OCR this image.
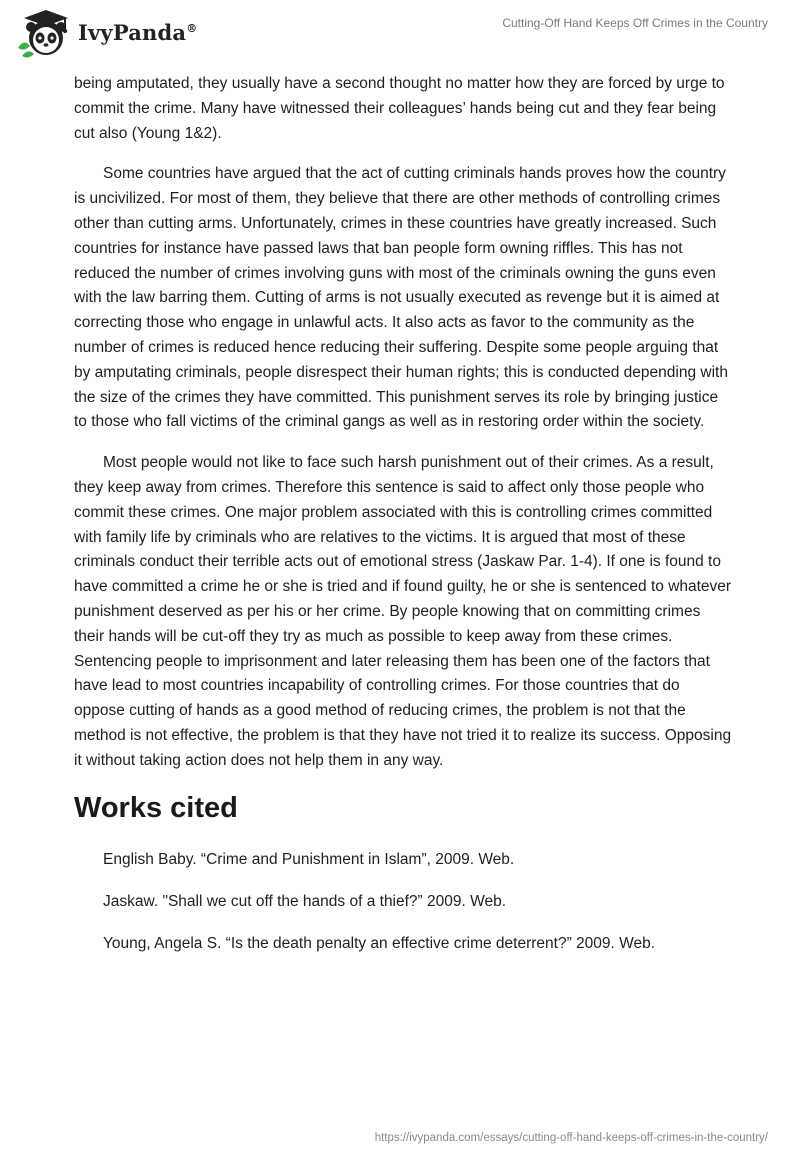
IvyPanda®	Cutting-Off Hand Keeps Off Crimes in the Country

being amputated, they usually have a second thought no matter how they are forced by urge to commit the crime. Many have witnessed their colleagues’ hands being cut and they fear being cut also (Young 1&2).

Some countries have argued that the act of cutting criminals hands proves how the country is uncivilized. For most of them, they believe that there are other methods of controlling crimes other than cutting arms. Unfortunately, crimes in these countries have greatly increased. Such countries for instance have passed laws that ban people form owning riffles. This has not reduced the number of crimes involving guns with most of the criminals owning the guns even with the law barring them. Cutting of arms is not usually executed as revenge but it is aimed at correcting those who engage in unlawful acts. It also acts as favor to the community as the number of crimes is reduced hence reducing their suffering. Despite some people arguing that by amputating criminals, people disrespect their human rights; this is conducted depending with the size of the crimes they have committed. This punishment serves its role by bringing justice to those who fall victims of the criminal gangs as well as in restoring order within the society.

Most people would not like to face such harsh punishment out of their crimes. As a result, they keep away from crimes. Therefore this sentence is said to affect only those people who commit these crimes. One major problem associated with this is controlling crimes committed with family life by criminals who are relatives to the victims. It is argued that most of these criminals conduct their terrible acts out of emotional stress (Jaskaw Par. 1-4). If one is found to have committed a crime he or she is tried and if found guilty, he or she is sentenced to whatever punishment deserved as per his or her crime. By people knowing that on committing crimes their hands will be cut-off they try as much as possible to keep away from these crimes. Sentencing people to imprisonment and later releasing them has been one of the factors that have lead to most countries incapability of controlling crimes. For those countries that do oppose cutting of hands as a good method of reducing crimes, the problem is not that the method is not effective, the problem is that they have not tried it to realize its success. Opposing it without taking action does not help them in any way.

Works cited

English Baby. “Crime and Punishment in Islam”, 2009. Web.

Jaskaw. "Shall we cut off the hands of a thief?” 2009. Web.

Young, Angela S. “Is the death penalty an effective crime deterrent?” 2009. Web.

https://ivypanda.com/essays/cutting-off-hand-keeps-off-crimes-in-the-country/
